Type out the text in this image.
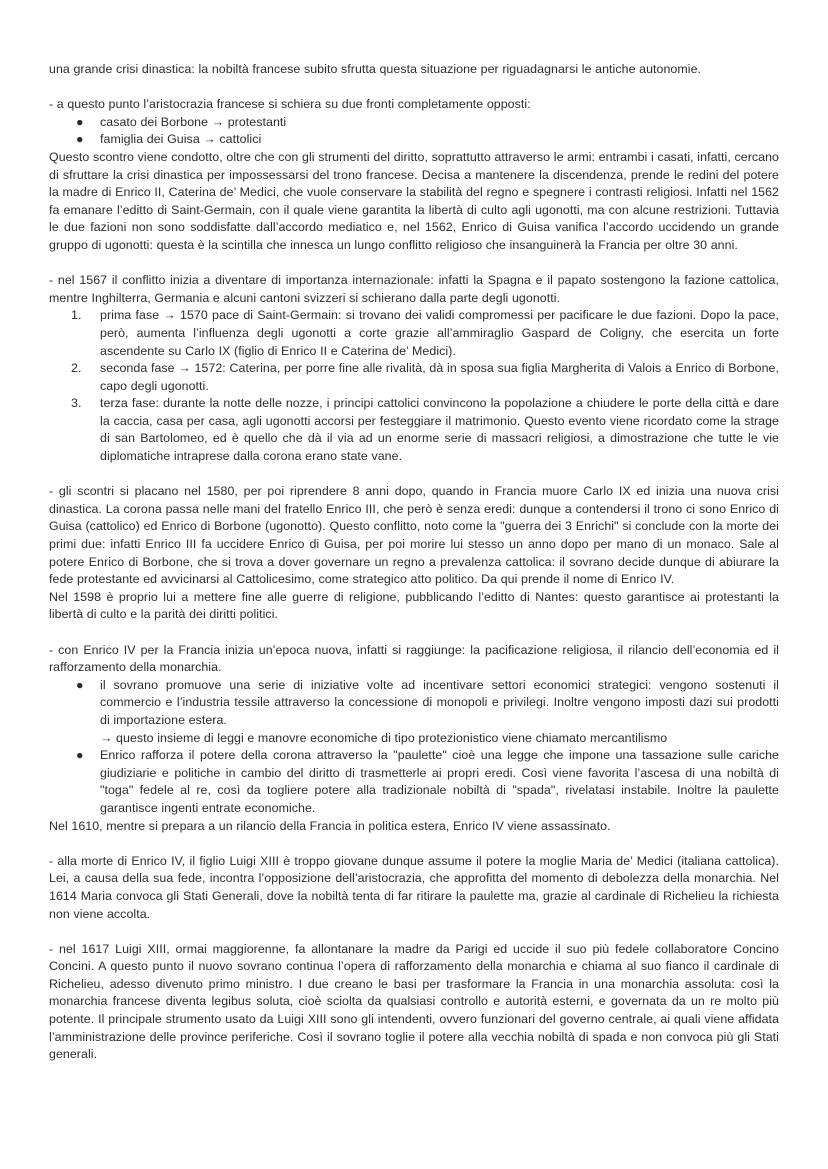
una grande crisi dinastica: la nobiltà francese subito sfrutta questa situazione per riguadagnarsi le antiche autonomie.

- a questo punto l’aristocrazia francese si schiera su due fronti completamente opposti:

● casato dei Borbone → protestanti
● famiglia dei Guisa → cattolici

Questo scontro viene condotto, oltre che con gli strumenti del diritto, soprattutto attraverso le armi: entrambi i casati, infatti, cercano di sfruttare la crisi dinastica per impossessarsi del trono francese. Decisa a mantenere la discendenza, prende le redini del potere la madre di Enrico II, Caterina de’ Medici, che vuole conservare la stabilità del regno e spegnere i contrasti religiosi. Infatti nel 1562 fa emanare l’editto di Saint-Germain, con il quale viene garantita la libertà di culto agli ugonotti, ma con alcune restrizioni. Tuttavia le due fazioni non sono soddisfatte dall’accordo mediatico e, nel 1562, Enrico di Guisa vanifica l’accordo uccidendo un grande gruppo di ugonotti: questa è la scintilla che innesca un lungo conflitto religioso che insanguinerà la Francia per oltre 30 anni.

- nel 1567 il conflitto inizia a diventare di importanza internazionale: infatti la Spagna e il papato sostengono la fazione cattolica, mentre Inghilterra, Germania e alcuni cantoni svizzeri si schierano dalla parte degli ugonotti.

1.	prima fase → 1570 pace di Saint-Germain: si trovano dei validi compromessi per pacificare le due fazioni. Dopo la pace, però, aumenta l’influenza degli ugonotti a corte grazie all’ammiraglio Gaspard de Coligny, che esercita un forte ascendente su Carlo IX (figlio di Enrico II e Caterina de’ Medici).
2.	seconda fase → 1572: Caterina, per porre fine alle rivalità, dà in sposa sua figlia Margherita di Valois a Enrico di Borbone, capo degli ugonotti.
3.	terza fase: durante la notte delle nozze, i principi cattolici convincono la popolazione a chiudere le porte della città e dare la caccia, casa per casa, agli ugonotti accorsi per festeggiare il matrimonio. Questo evento viene ricordato come la strage di san Bartolomeo, ed è quello che dà il via ad un enorme serie di massacri religiosi, a dimostrazione che tutte le vie diplomatiche intraprese dalla corona erano state vane.

- gli scontri si placano nel 1580, per poi riprendere 8 anni dopo, quando in Francia muore Carlo IX ed inizia una nuova crisi dinastica. La corona passa nelle mani del fratello Enrico III, che però è senza eredi: dunque a contendersi il trono ci sono Enrico di Guisa (cattolico) ed Enrico di Borbone (ugonotto). Questo conflitto, noto come la "guerra dei 3 Enrichi" si conclude con la morte dei primi due: infatti Enrico III fa uccidere Enrico di Guisa, per poi morire lui stesso un anno dopo per mano di un monaco. Sale al potere Enrico di Borbone, che si trova a dover governare un regno a prevalenza cattolica: il sovrano decide dunque di abiurare la fede protestante ed avvicinarsi al Cattolicesimo, come strategico atto politico. Da qui prende il nome di Enrico IV.

Nel 1598 è proprio lui a mettere fine alle guerre di religione, pubblicando l’editto di Nantes: questo garantisce ai protestanti la libertà di culto e la parità dei diritti politici.

- con Enrico IV per la Francia inizia un’epoca nuova, infatti si raggiunge: la pacificazione religiosa, il rilancio dell’economia ed il rafforzamento della monarchia.

● il sovrano promuove una serie di iniziative volte ad incentivare settori economici strategici: vengono sostenuti il commercio e l’industria tessile attraverso la concessione di monopoli e privilegi. Inoltre vengono imposti dazi sui prodotti di importazione estera.
→ questo insieme di leggi e manovre economiche di tipo protezionistico viene chiamato mercantilismo
● Enrico rafforza il potere della corona attraverso la "paulette" cioè una legge che impone una tassazione sulle cariche giudiziarie e politiche in cambio del diritto di trasmetterle ai propri eredi. Così viene favorita l’ascesa di una nobiltà di "toga" fedele al re, così da togliere potere alla tradizionale nobiltà di "spada", rivelatasi instabile. Inoltre la paulette garantisce ingenti entrate economiche.

Nel 1610, mentre si prepara a un rilancio della Francia in politica estera, Enrico IV viene assassinato.

- alla morte di Enrico IV, il figlio Luigi XIII è troppo giovane dunque assume il potere la moglie Maria de’ Medici (italiana cattolica). Lei, a causa della sua fede, incontra l’opposizione dell’aristocrazia, che approfitta del momento di debolezza della monarchia. Nel 1614 Maria convoca gli Stati Generali, dove la nobiltà tenta di far ritirare la paulette ma, grazie al cardinale di Richelieu la richiesta non viene accolta.

- nel 1617 Luigi XIII, ormai maggiorenne, fa allontanare la madre da Parigi ed uccide il suo più fedele collaboratore Concino Concini. A questo punto il nuovo sovrano continua l’opera di rafforzamento della monarchia e chiama al suo fianco il cardinale di Richelieu, adesso divenuto primo ministro. I due creano le basi per trasformare la Francia in una monarchia assoluta: così la monarchia francese diventa legibus soluta, cioè sciolta da qualsiasi controllo e autorità esterni, e governata da un re molto più potente. Il principale strumento usato da Luigi XIII sono gli intendenti, ovvero funzionari del governo centrale, ai quali viene affidata l’amministrazione delle province periferiche. Così il sovrano toglie il potere alla vecchia nobiltà di spada e non convoca più gli Stati generali.
